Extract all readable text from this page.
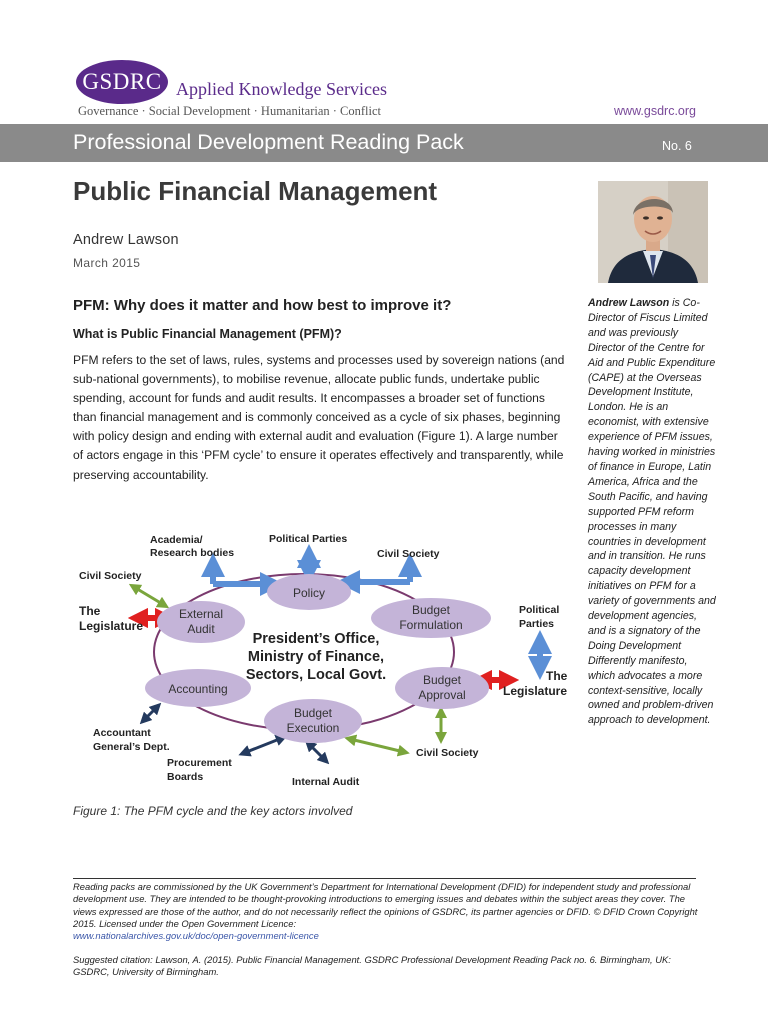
GSDRC Applied Knowledge Services
Governance · Social Development · Humanitarian · Conflict	www.gsdrc.org
Professional Development Reading Pack	No. 6
Public Financial Management
Andrew Lawson
March 2015
PFM: Why does it matter and how best to improve it?
What is Public Financial Management (PFM)?
PFM refers to the set of laws, rules, systems and processes used by sovereign nations (and sub-national governments), to mobilise revenue, allocate public funds, undertake public spending, account for funds and audit results. It encompasses a broader set of functions than financial management and is commonly conceived as a cycle of six phases, beginning with policy design and ending with external audit and evaluation (Figure 1). A large number of actors engage in this ‘PFM cycle’ to ensure it operates effectively and transparently, while preserving accountability.
Andrew Lawson is Co-Director of Fiscus Limited and was previously Director of the Centre for Aid and Public Expenditure (CAPE) at the Overseas Development Institute, London. He is an economist, with extensive experience of PFM issues, having worked in ministries of finance in Europe, Latin America, Africa and the South Pacific, and having supported PFM reform processes in many countries in development and in transition. He runs capacity development initiatives on PFM for a variety of governments and development agencies, and is a signatory of the Doing Development Differently manifesto, which advocates a more context-sensitive, locally owned and problem-driven approach to development.
Policy
Budget
Formulation
External
Audit
Accounting
Budget
Approval
Budget
Execution
President’s Office,
Ministry of Finance,
Sectors, Local Govt.
Academia/
Research bodies
Political Parties
Civil Society
Civil Society
The
Legislature
Political
Parties
The
Legislature
Civil Society
Internal Audit
Procurement
Boards
Accountant
General’s Dept.
Figure 1: The PFM cycle and the key actors involved
Reading packs are commissioned by the UK Government’s Department for International Development (DFID) for independent study and professional development use. They are intended to be thought-provoking introductions to emerging issues and debates within the subject areas they cover. The views expressed are those of the author, and do not necessarily reflect the opinions of GSDRC, its partner agencies or DFID. © DFID Crown Copyright 2015. Licensed under the Open Government Licence:
www.nationalarchives.gov.uk/doc/open-government-licence
Suggested citation: Lawson, A. (2015). Public Financial Management. GSDRC Professional Development Reading Pack no. 6. Birmingham, UK: GSDRC, University of Birmingham.
